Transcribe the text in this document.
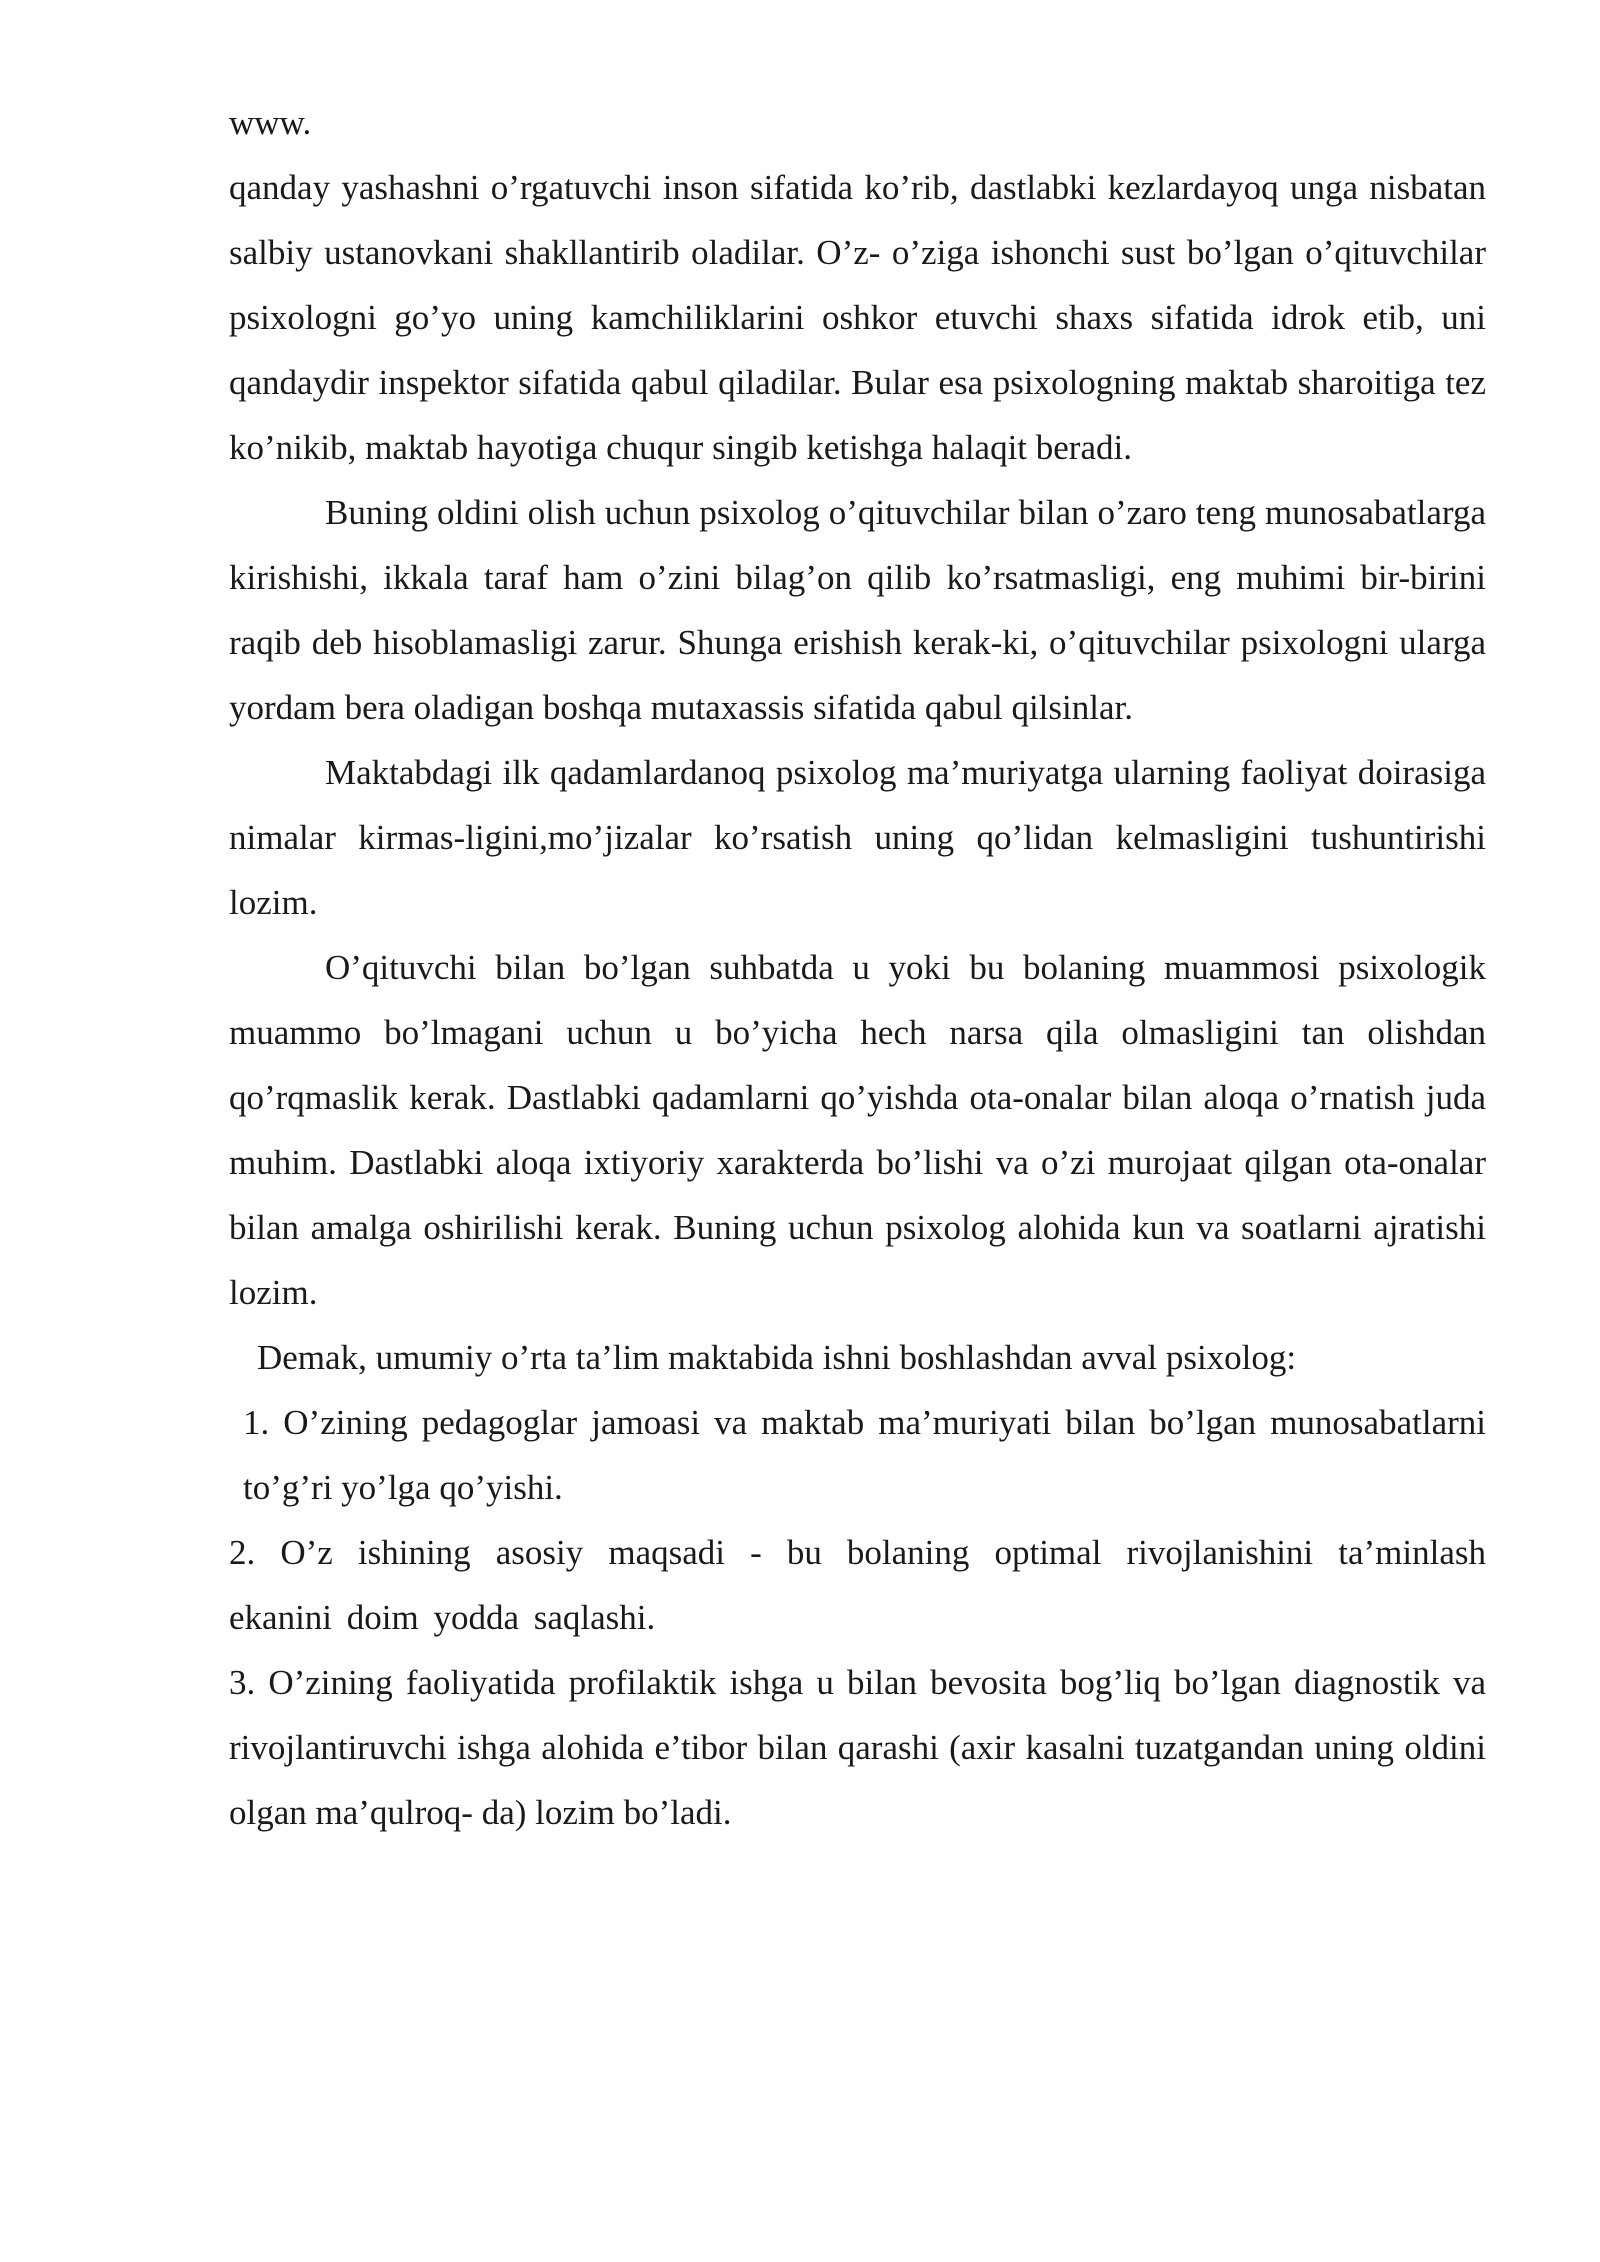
www.

qanday yashashni o’rgatuvchi inson sifatida ko’rib, dastlabki kezlardayoq unga nisbatan salbiy ustanovkani shakllantirib oladilar. O’z- o’ziga ishonchi sust bo’lgan o’qituvchilar psixologni go’yo uning kamchiliklarini oshkor etuvchi shaxs sifatida idrok etib, uni qandaydir inspektor sifatida qabul qiladilar. Bular esa psixologning maktab sharoitiga tez ko’nikib, maktab hayotiga chuqur singib ketishga halaqit beradi.

Buning oldini olish uchun psixolog o’qituvchilar bilan o’zaro teng munosabatlarga kirishishi, ikkala taraf ham o’zini bilag’on qilib ko’rsatmasligi, eng muhimi bir-birini raqib deb hisoblamasligi zarur. Shunga erishish kerak-ki, o’qituvchilar psixologni ularga yordam bera oladigan boshqa mutaxassis sifatida qabul qilsinlar.

Maktabdagi ilk qadamlardanoq psixolog ma’muriyatga ularning faoliyat doirasiga nimalar kirmas-ligini,mo’jizalar ko’rsatish uning qo’lidan kelmasligini tushuntirishi lozim.

O’qituvchi bilan bo’lgan suhbatda u yoki bu bolaning muammosi psixologik muammo bo’lmagani uchun u bo’yicha hech narsa qila olmasligini tan olishdan qo’rqmaslik kerak. Dastlabki qadamlarni qo’yishda ota-onalar bilan aloqa o’rnatish juda muhim. Dastlabki aloqa ixtiyoriy xarakterda bo’lishi va o’zi murojaat qilgan ota-onalar bilan amalga oshirilishi kerak. Buning uchun psixolog alohida kun va soatlarni ajratishi lozim.

Demak, umumiy o’rta ta’lim maktabida ishni boshlashdan avval psixolog:

1. O’zining pedagoglar jamoasi va maktab ma’muriyati bilan bo’lgan munosabatlarni to’g’ri yo’lga qo’yishi.

2. O’z ishining asosiy maqsadi - bu bolaning optimal rivojlanishini ta’minlash ekanini doim yodda saqlashi.

3. O’zining faoliyatida profilaktik ishga u bilan bevosita bog’liq bo’lgan diagnostik va rivojlantiruvchi ishga alohida e’tibor bilan qarashi (axir kasalni tuzatgandan uning oldini olgan ma’qulroq- da) lozim bo’ladi.
